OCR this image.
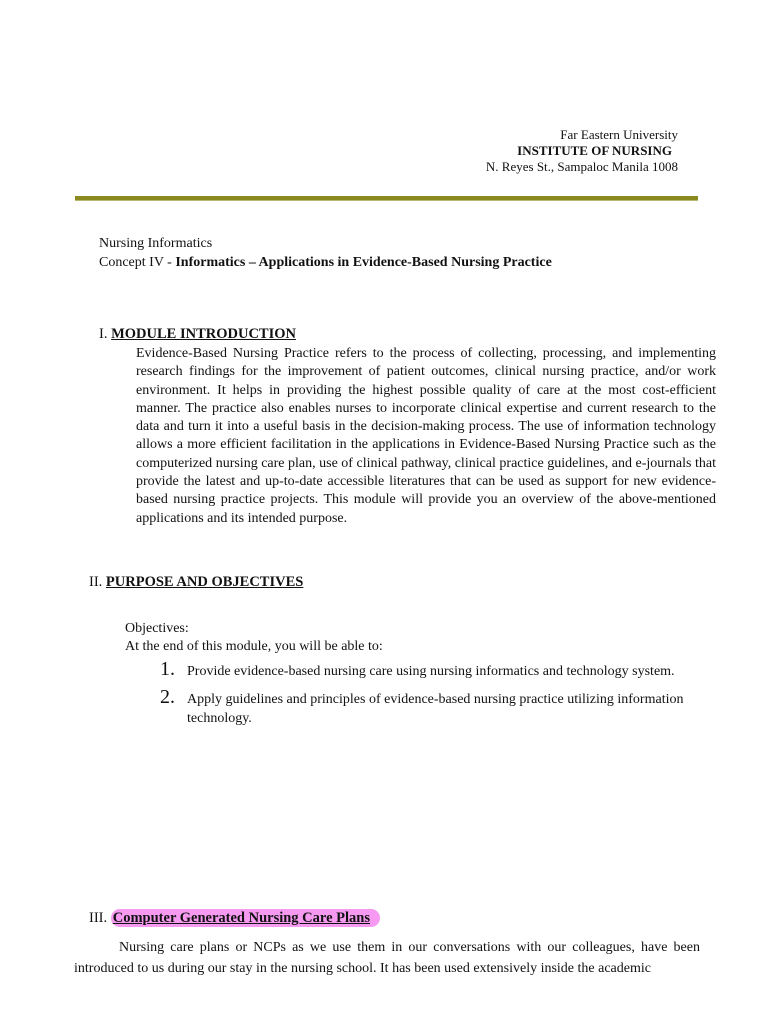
Far Eastern University
INSTITUTE OF NURSING
N. Reyes St., Sampaloc Manila 1008
Nursing Informatics
Concept IV - Informatics – Applications in Evidence-Based Nursing Practice
I. MODULE INTRODUCTION
Evidence-Based Nursing Practice refers to the process of collecting, processing, and implementing research findings for the improvement of patient outcomes, clinical nursing practice, and/or work environment. It helps in providing the highest possible quality of care at the most cost-efficient manner. The practice also enables nurses to incorporate clinical expertise and current research to the data and turn it into a useful basis in the decision-making process. The use of information technology allows a more efficient facilitation in the applications in Evidence-Based Nursing Practice such as the computerized nursing care plan, use of clinical pathway, clinical practice guidelines, and e-journals that provide the latest and up-to-date accessible literatures that can be used as support for new evidence-based nursing practice projects. This module will provide you an overview of the above-mentioned applications and its intended purpose.
II. PURPOSE AND OBJECTIVES
Objectives:
At the end of this module, you will be able to:
1. Provide evidence-based nursing care using nursing informatics and technology system.
2. Apply guidelines and principles of evidence-based nursing practice utilizing information technology.
III. Computer Generated Nursing Care Plans
Nursing care plans or NCPs as we use them in our conversations with our colleagues, have been introduced to us during our stay in the nursing school. It has been used extensively inside the academic
